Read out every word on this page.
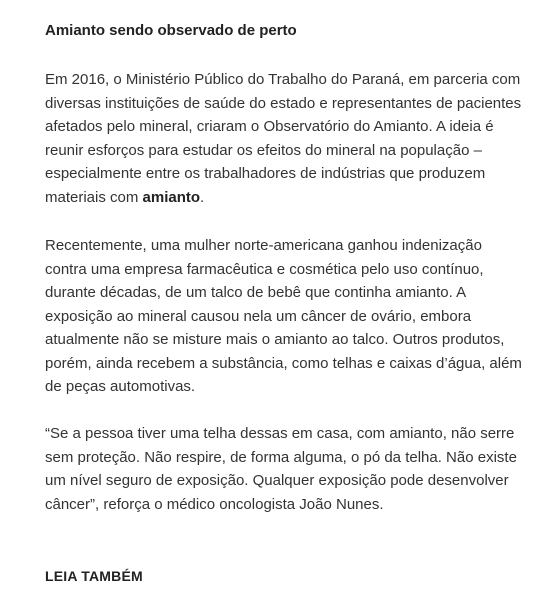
Amianto sendo observado de perto

Em 2016, o Ministério Público do Trabalho do Paraná, em parceria com diversas instituições de saúde do estado e representantes de pacientes afetados pelo mineral, criaram o Observatório do Amianto. A ideia é reunir esforços para estudar os efeitos do mineral na população – especialmente entre os trabalhadores de indústrias que produzem materiais com amianto.

Recentemente, uma mulher norte-americana ganhou indenização contra uma empresa farmacêutica e cosmética pelo uso contínuo, durante décadas, de um talco de bebê que continha amianto. A exposição ao mineral causou nela um câncer de ovário, embora atualmente não se misture mais o amianto ao talco. Outros produtos, porém, ainda recebem a substância, como telhas e caixas d’água, além de peças automotivas.

“Se a pessoa tiver uma telha dessas em casa, com amianto, não serre sem proteção. Não respire, de forma alguma, o pó da telha. Não existe um nível seguro de exposição. Qualquer exposição pode desenvolver câncer”, reforça o médico oncologista João Nunes.

LEIA TAMBÉM
